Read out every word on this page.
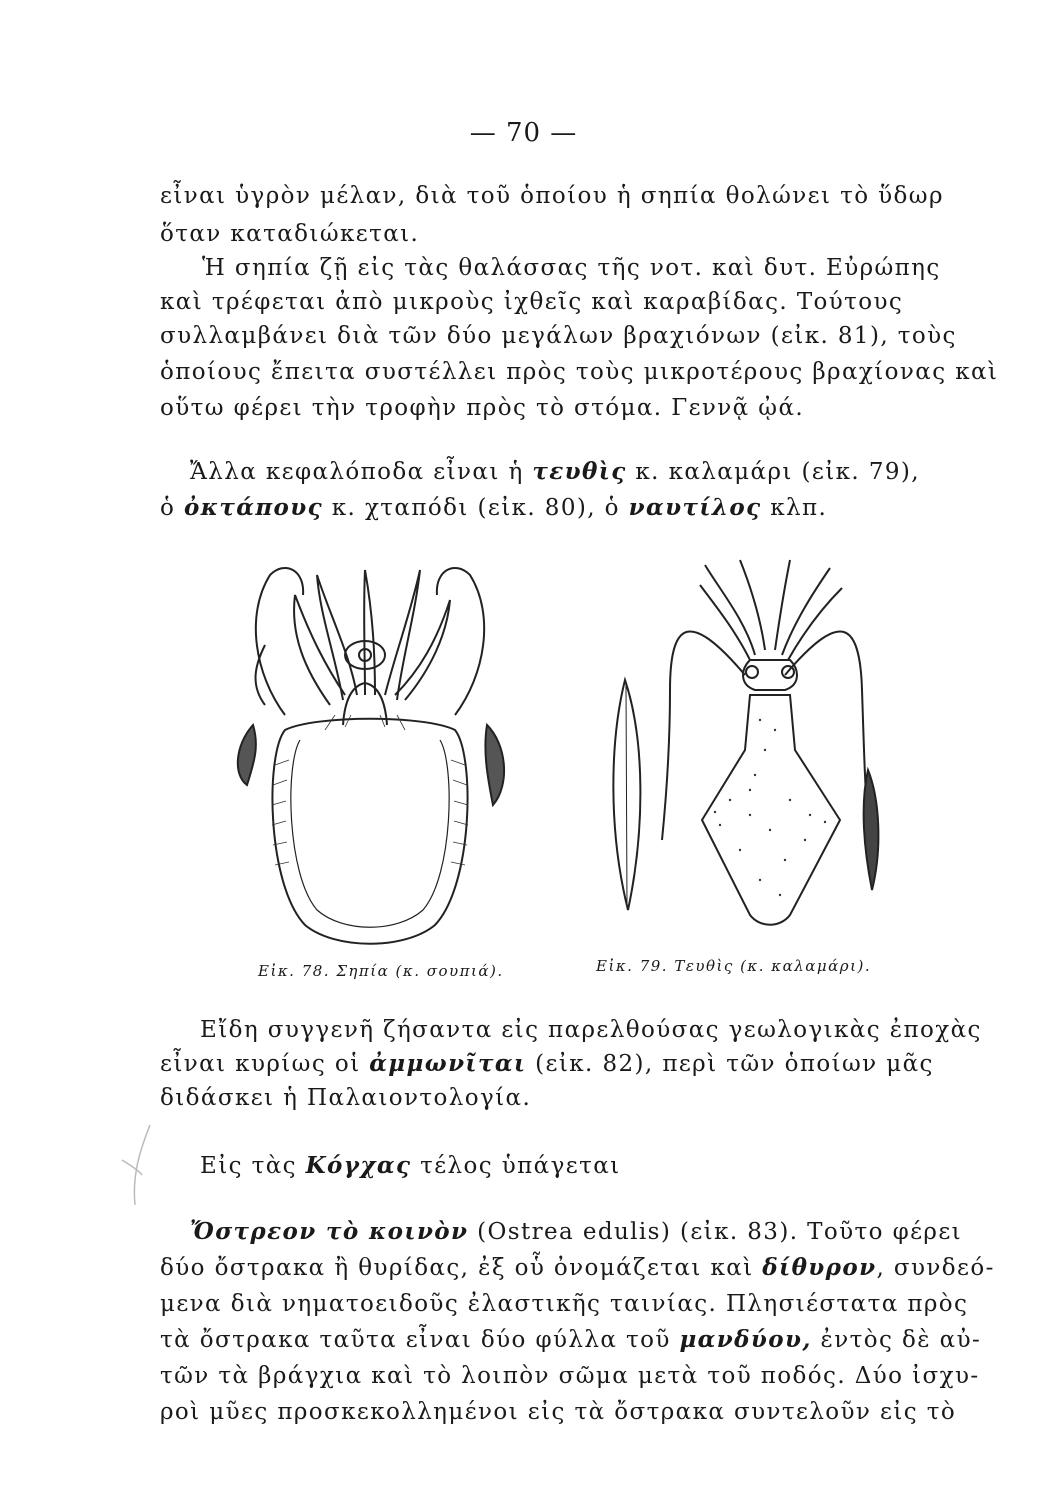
— 70 —
εἶναι ὑγρὸν μέλαν, διὰ τοῦ ὁποίου ἡ σηπία θολώνει τὸ ὕδωρ
ὅταν καταδιώκεται.
Ἡ σηπία ζῇ εἰς τὰς θαλάσσας τῆς νοτ. καὶ δυτ. Εὐρώπης
καὶ τρέφεται ἀπὸ μικροὺς ἰχθεῖς καὶ καραβίδας. Τούτους
συλλαμβάνει διὰ τῶν δύο μεγάλων βραχιόνων (εἰκ. 81), τοὺς
ὁποίους ἔπειτα συστέλλει πρὸς τοὺς μικροτέρους βραχίονας καὶ
οὕτω φέρει τὴν τροφὴν πρὸς τὸ στόμα. Γεννᾷ ᾠά.
Ἄλλα κεφαλόποδα εἶναι ἡ τευθὶς κ. καλαμάρι (εἰκ. 79),
ὁ ὀκτάπους κ. χταπόδι (εἰκ. 80), ὁ ναυτίλος κλπ.
Εἰκ. 78. Σηπία (κ. σουπιά).	Εἰκ. 79. Τευθὶς (κ. καλαμάρι).
Εἴδη συγγενῆ ζήσαντα εἰς παρελθούσας γεωλογικὰς ἐποχὰς
εἶναι κυρίως οἱ ἀμμωνῖται (εἰκ. 82), περὶ τῶν ὁποίων μᾶς
διδάσκει ἡ Παλαιοντολογία.
Εἰς τὰς Κόγχας τέλος ὑπάγεται
Ὄστρεον τὸ κοινὸν (Ostrea edulis) (εἰκ. 83). Τοῦτο φέρει
δύο ὄστρακα ἢ θυρίδας, ἐξ οὗ ὀνομάζεται καὶ δίθυρον, συνδεό-
μενα διὰ νηματοειδοῦς ἐλαστικῆς ταινίας. Πλησιέστατα πρὸς
τὰ ὄστρακα ταῦτα εἶναι δύο φύλλα τοῦ μανδύου, ἐντὸς δὲ αὐ-
τῶν τὰ βράγχια καὶ τὸ λοιπὸν σῶμα μετὰ τοῦ ποδός. Δύο ἰσχυ-
ροὶ μῦες προσκεκολλημένοι εἰς τὰ ὄστρακα συντελοῦν εἰς τὸ
